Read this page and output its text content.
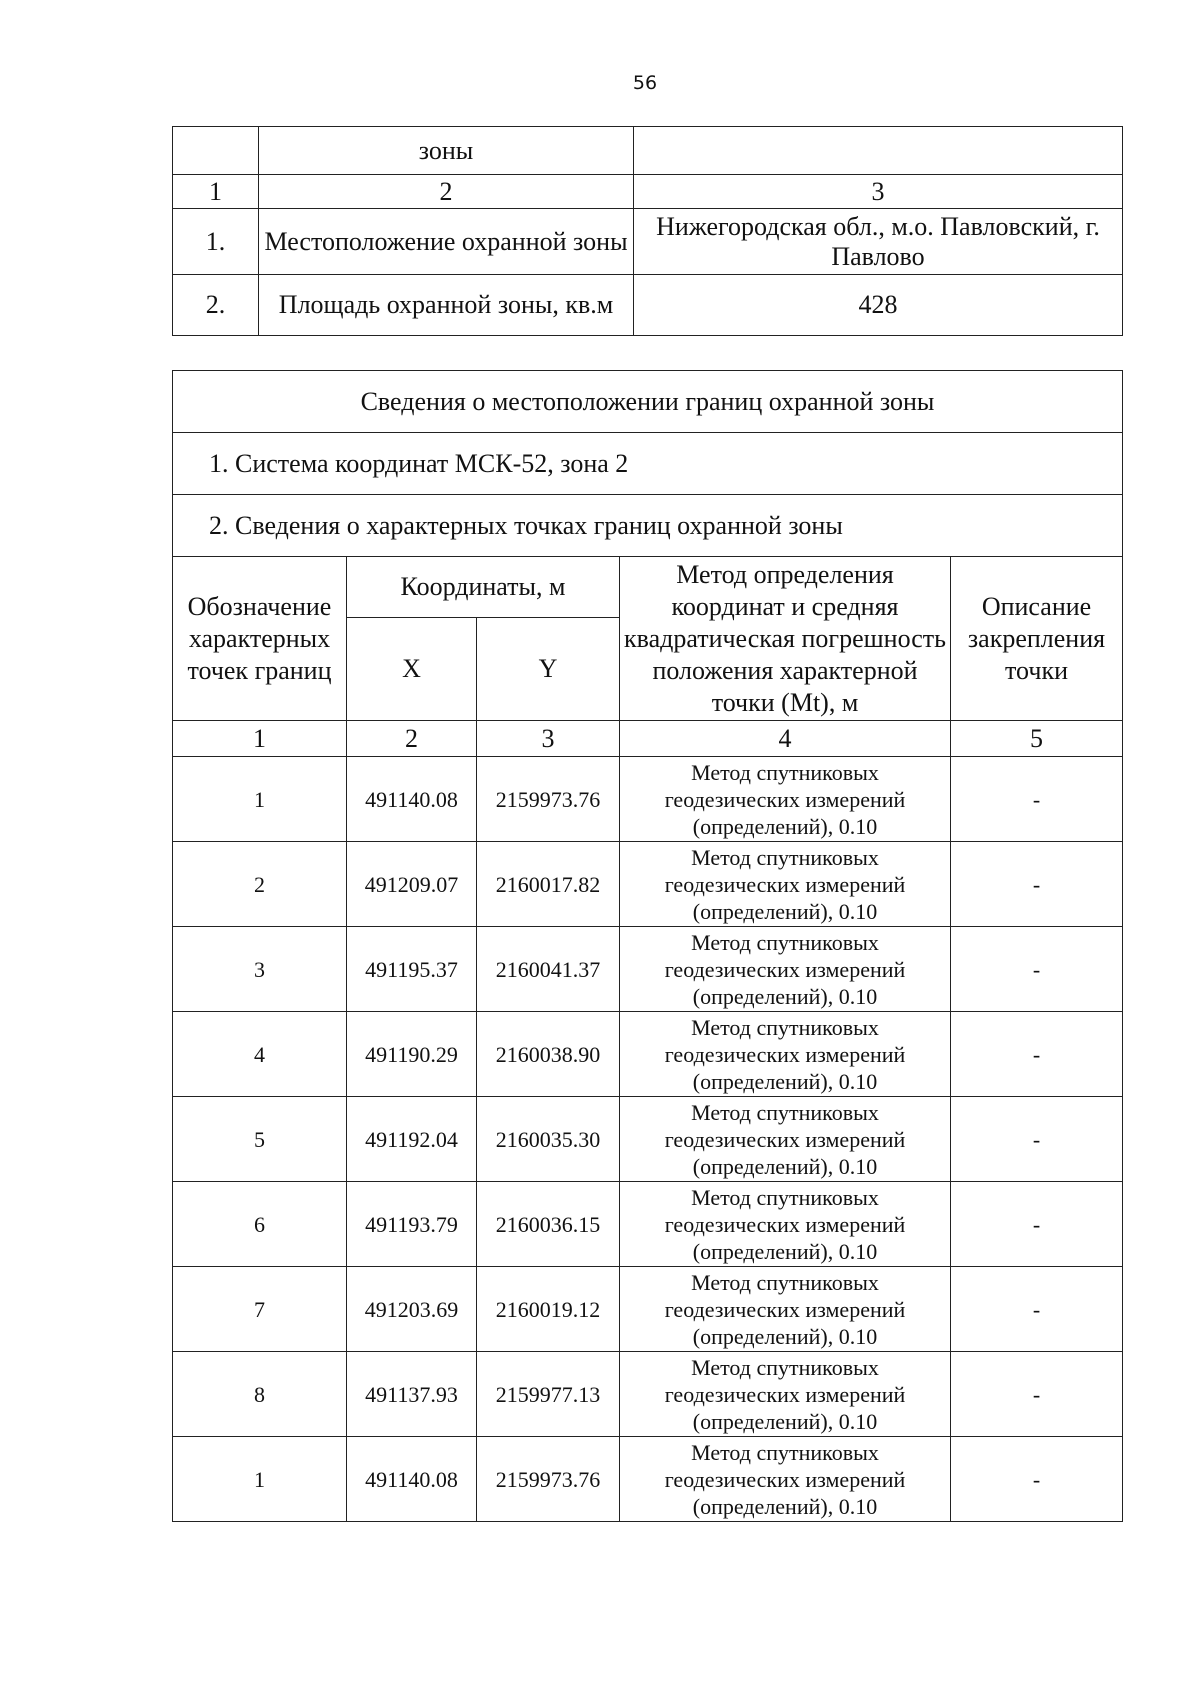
56
	зоны	
1	2	3
1.	Местоположение охранной зоны	Нижегородская обл., м.о. Павловский, г. Павлово
2.	Площадь охранной зоны, кв.м	428
Сведения о местоположении границ охранной зоны				
1. Система координат МСК-52, зона 2				
2. Сведения о характерных точках границ охранной зоны				
Обозначение характерных точек границ	Координаты, м		Метод определения координат и средняя квадратическая погрешность положения характерной точки (Mt), м	Описание закрепления точки
	X	Y		
1	2	3	4	5
1	491140.08	2159973.76	Метод спутниковых геодезических измерений (определений), 0.10	-
2	491209.07	2160017.82	Метод спутниковых геодезических измерений (определений), 0.10	-
3	491195.37	2160041.37	Метод спутниковых геодезических измерений (определений), 0.10	-
4	491190.29	2160038.90	Метод спутниковых геодезических измерений (определений), 0.10	-
5	491192.04	2160035.30	Метод спутниковых геодезических измерений (определений), 0.10	-
6	491193.79	2160036.15	Метод спутниковых геодезических измерений (определений), 0.10	-
7	491203.69	2160019.12	Метод спутниковых геодезических измерений (определений), 0.10	-
8	491137.93	2159977.13	Метод спутниковых геодезических измерений (определений), 0.10	-
1	491140.08	2159973.76	Метод спутниковых геодезических измерений (определений), 0.10	-
